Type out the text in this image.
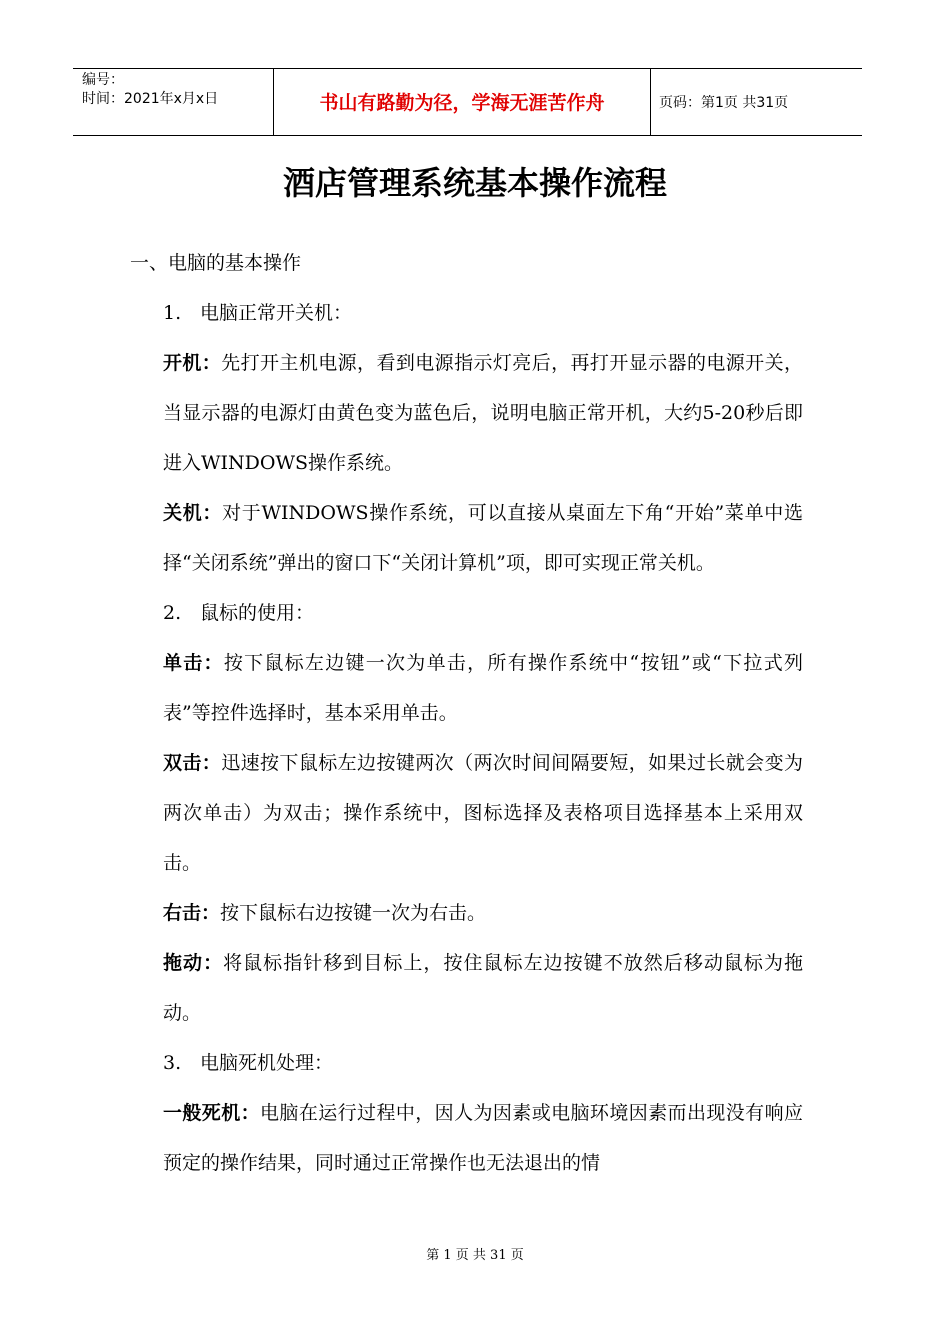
编号：
时间：2021年x月x日	书山有路勤为径，学海无涯苦作舟	页码：第1页 共31页
酒店管理系统基本操作流程
一、电脑的基本操作
1. 电脑正常开关机：
开机：先打开主机电源，看到电源指示灯亮后，再打开显示器的电源开关，当显示器的电源灯由黄色变为蓝色后，说明电脑正常开机，大约5-20秒后即进入WINDOWS操作系统。
关机：对于WINDOWS操作系统，可以直接从桌面左下角“开始”菜单中选择“关闭系统”弹出的窗口下“关闭计算机”项，即可实现正常关机。
2. 鼠标的使用：
单击：按下鼠标左边键一次为单击，所有操作系统中“按钮”或“下拉式列表”等控件选择时，基本采用单击。
双击：迅速按下鼠标左边按键两次（两次时间间隔要短，如果过长就会变为两次单击）为双击；操作系统中，图标选择及表格项目选择基本上采用双击。
右击：按下鼠标右边按键一次为右击。
拖动：将鼠标指针移到目标上，按住鼠标左边按键不放然后移动鼠标为拖动。
3. 电脑死机处理：
一般死机：电脑在运行过程中，因人为因素或电脑环境因素而出现没有响应预定的操作结果，同时通过正常操作也无法退出的情
第 1 页 共 31 页
